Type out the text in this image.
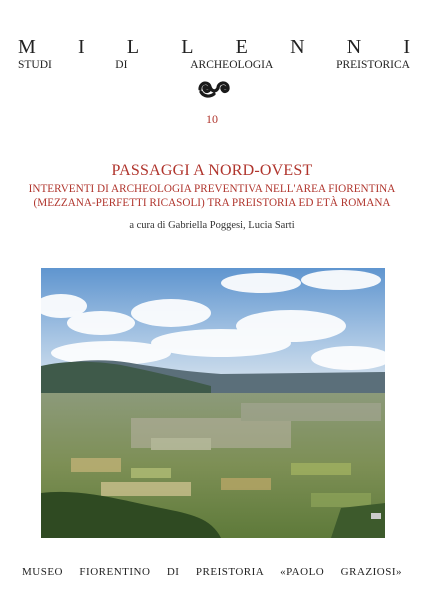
M I L L E N N I
STUDI DI ARCHEOLOGIA PREISTORICA
10
PASSAGGI A NORD-OVEST
INTERVENTI DI ARCHEOLOGIA PREVENTIVA NELL'AREA FIORENTINA
(MEZZANA-PERFETTI RICASOLI) TRA PREISTORIA ED ETÀ ROMANA
a cura di Gabriella Poggesi, Lucia Sarti
MUSEO FIORENTINO DI PREISTORIA «PAOLO GRAZIOSI»
